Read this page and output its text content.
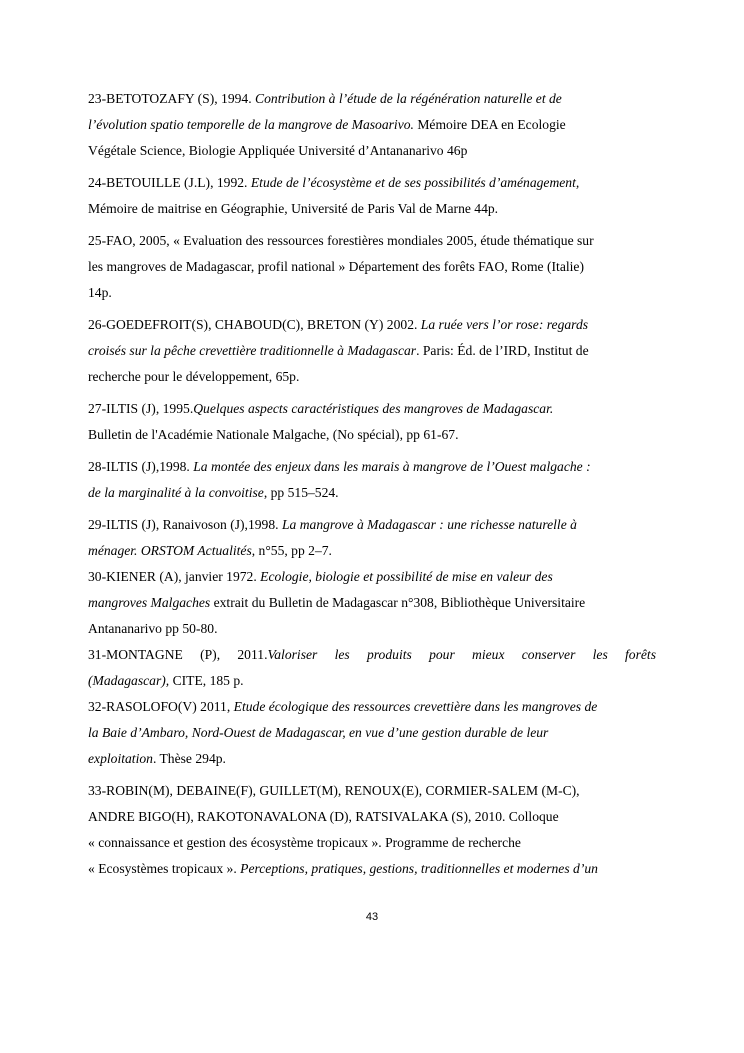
23-BETOTOZAFY (S), 1994. Contribution à l’étude de la régénération naturelle et de
l’évolution spatio temporelle de la mangrove de Masoarivo. Mémoire DEA en Ecologie
Végétale Science, Biologie Appliquée Université d’Antananarivo 46p
24-BETOUILLE (J.L), 1992. Etude de l’écosystème et de ses possibilités d’aménagement,
Mémoire de maitrise en Géographie, Université de Paris Val de Marne 44p.
25-FAO, 2005, « Evaluation des ressources forestières mondiales 2005, étude thématique sur
les mangroves de Madagascar, profil national » Département des forêts FAO, Rome (Italie)
14p.
26-GOEDEFROIT(S), CHABOUD(C), BRETON (Y) 2002. La ruée vers l’or rose: regards
croisés sur la pêche crevettière traditionnelle à Madagascar. Paris: Éd. de l’IRD, Institut de
recherche pour le développement, 65p.
27-ILTIS (J), 1995.Quelques aspects caractéristiques des mangroves de Madagascar.
Bulletin de l'Académie Nationale Malgache, (No spécial), pp 61-67.
28-ILTIS (J),1998. La montée des enjeux dans les marais à mangrove de l’Ouest malgache :
de la marginalité à la convoitise, pp 515–524.
29-ILTIS (J), Ranaivoson (J),1998. La mangrove à Madagascar : une richesse naturelle à
ménager. ORSTOM Actualités, n°55, pp 2–7.
30-KIENER (A), janvier 1972. Ecologie, biologie et possibilité de mise en valeur des
mangroves Malgaches extrait du Bulletin de Madagascar n°308, Bibliothèque Universitaire
Antananarivo pp 50-80.
31-MONTAGNE (P), 2011.Valoriser les produits pour mieux conserver les forêts
(Madagascar), CITE, 185 p.
32-RASOLOFO(V) 2011, Etude écologique des ressources crevettière dans les mangroves de
la Baie d’Ambaro, Nord-Ouest de Madagascar, en vue d’une gestion durable de leur
exploitation. Thèse 294p.
33-ROBIN(M), DEBAINE(F), GUILLET(M), RENOUX(E), CORMIER-SALEM (M-C),
ANDRE BIGO(H), RAKOTONAVALONA (D), RATSIVALAKA (S), 2010. Colloque
« connaissance et gestion des écosystème tropicaux ». Programme de recherche
« Ecosystèmes tropicaux ». Perceptions, pratiques, gestions, traditionnelles et modernes d’un
43
